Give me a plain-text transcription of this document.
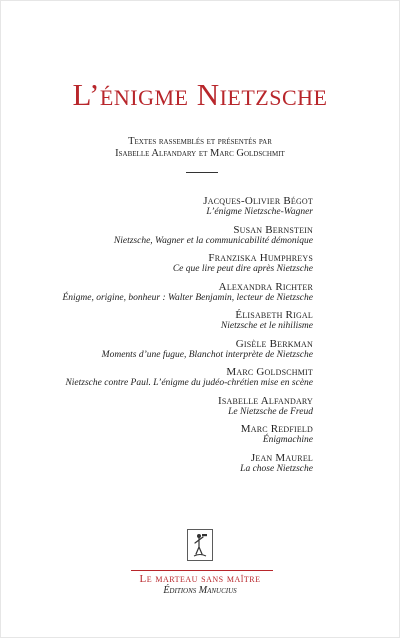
L’énigme Nietzsche
Textes rassemblés et présentés par
Isabelle Alfandary et Marc Goldschmit
Jacques-Olivier Bégot
L’énigme Nietzsche-Wagner
Susan Bernstein
Nietzsche, Wagner et la communicabilité démonique
Franziska Humphreys
Ce que lire peut dire après Nietzsche
Alexandra Richter
Énigme, origine, bonheur : Walter Benjamin, lecteur de Nietzsche
Élisabeth Rigal
Nietzsche et le nihilisme
Gisèle Berkman
Moments d’une fugue, Blanchot interprète de Nietzsche
Marc Goldschmit
Nietzsche contre Paul. L’énigme du judéo-chrétien mise en scène
Isabelle Alfandary
Le Nietzsche de Freud
Marc Redfield
Énigmachine
Jean Maurel
La chose Nietzsche
Le marteau sans maître
Éditions Manucius
